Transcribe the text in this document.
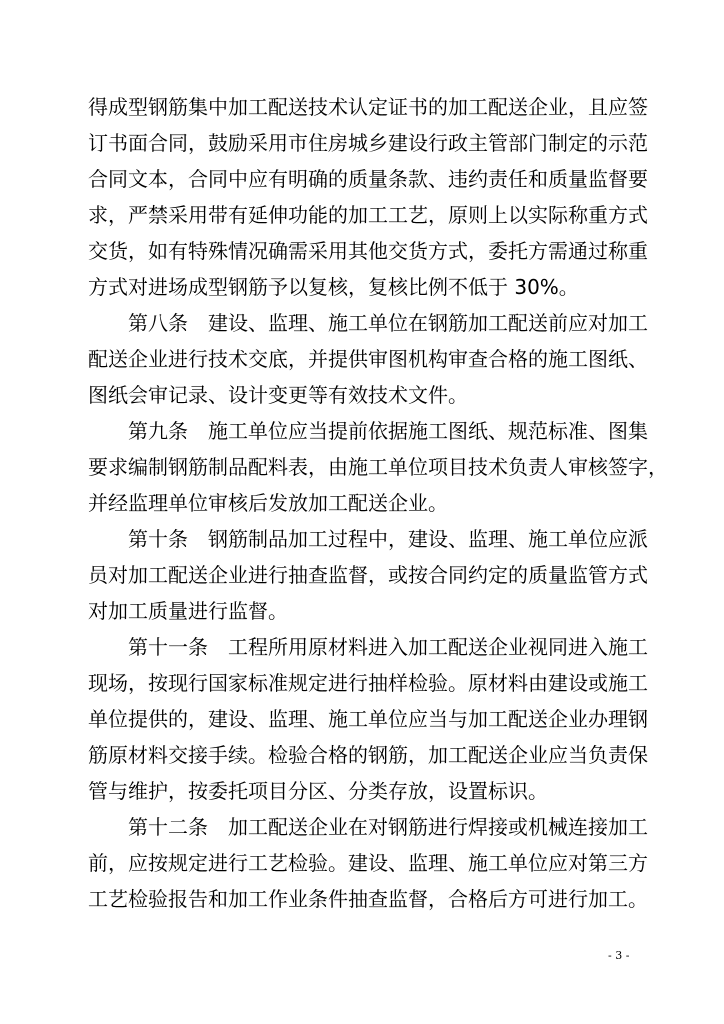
得成型钢筋集中加工配送技术认定证书的加工配送企业，且应签
订书面合同，鼓励采用市住房城乡建设行政主管部门制定的示范
合同文本，合同中应有明确的质量条款、违约责任和质量监督要
求，严禁采用带有延伸功能的加工工艺，原则上以实际称重方式
交货，如有特殊情况确需采用其他交货方式，委托方需通过称重
方式对进场成型钢筋予以复核，复核比例不低于 30%。
第八条　建设、监理、施工单位在钢筋加工配送前应对加工
配送企业进行技术交底，并提供审图机构审查合格的施工图纸、
图纸会审记录、设计变更等有效技术文件。
第九条　施工单位应当提前依据施工图纸、规范标准、图集
要求编制钢筋制品配料表，由施工单位项目技术负责人审核签字，
并经监理单位审核后发放加工配送企业。
第十条　钢筋制品加工过程中，建设、监理、施工单位应派
员对加工配送企业进行抽查监督，或按合同约定的质量监管方式
对加工质量进行监督。
第十一条　工程所用原材料进入加工配送企业视同进入施工
现场，按现行国家标准规定进行抽样检验。原材料由建设或施工
单位提供的，建设、监理、施工单位应当与加工配送企业办理钢
筋原材料交接手续。检验合格的钢筋，加工配送企业应当负责保
管与维护，按委托项目分区、分类存放，设置标识。
第十二条　加工配送企业在对钢筋进行焊接或机械连接加工
前，应按规定进行工艺检验。建设、监理、施工单位应对第三方
工艺检验报告和加工作业条件抽查监督，合格后方可进行加工。
- 3 -
